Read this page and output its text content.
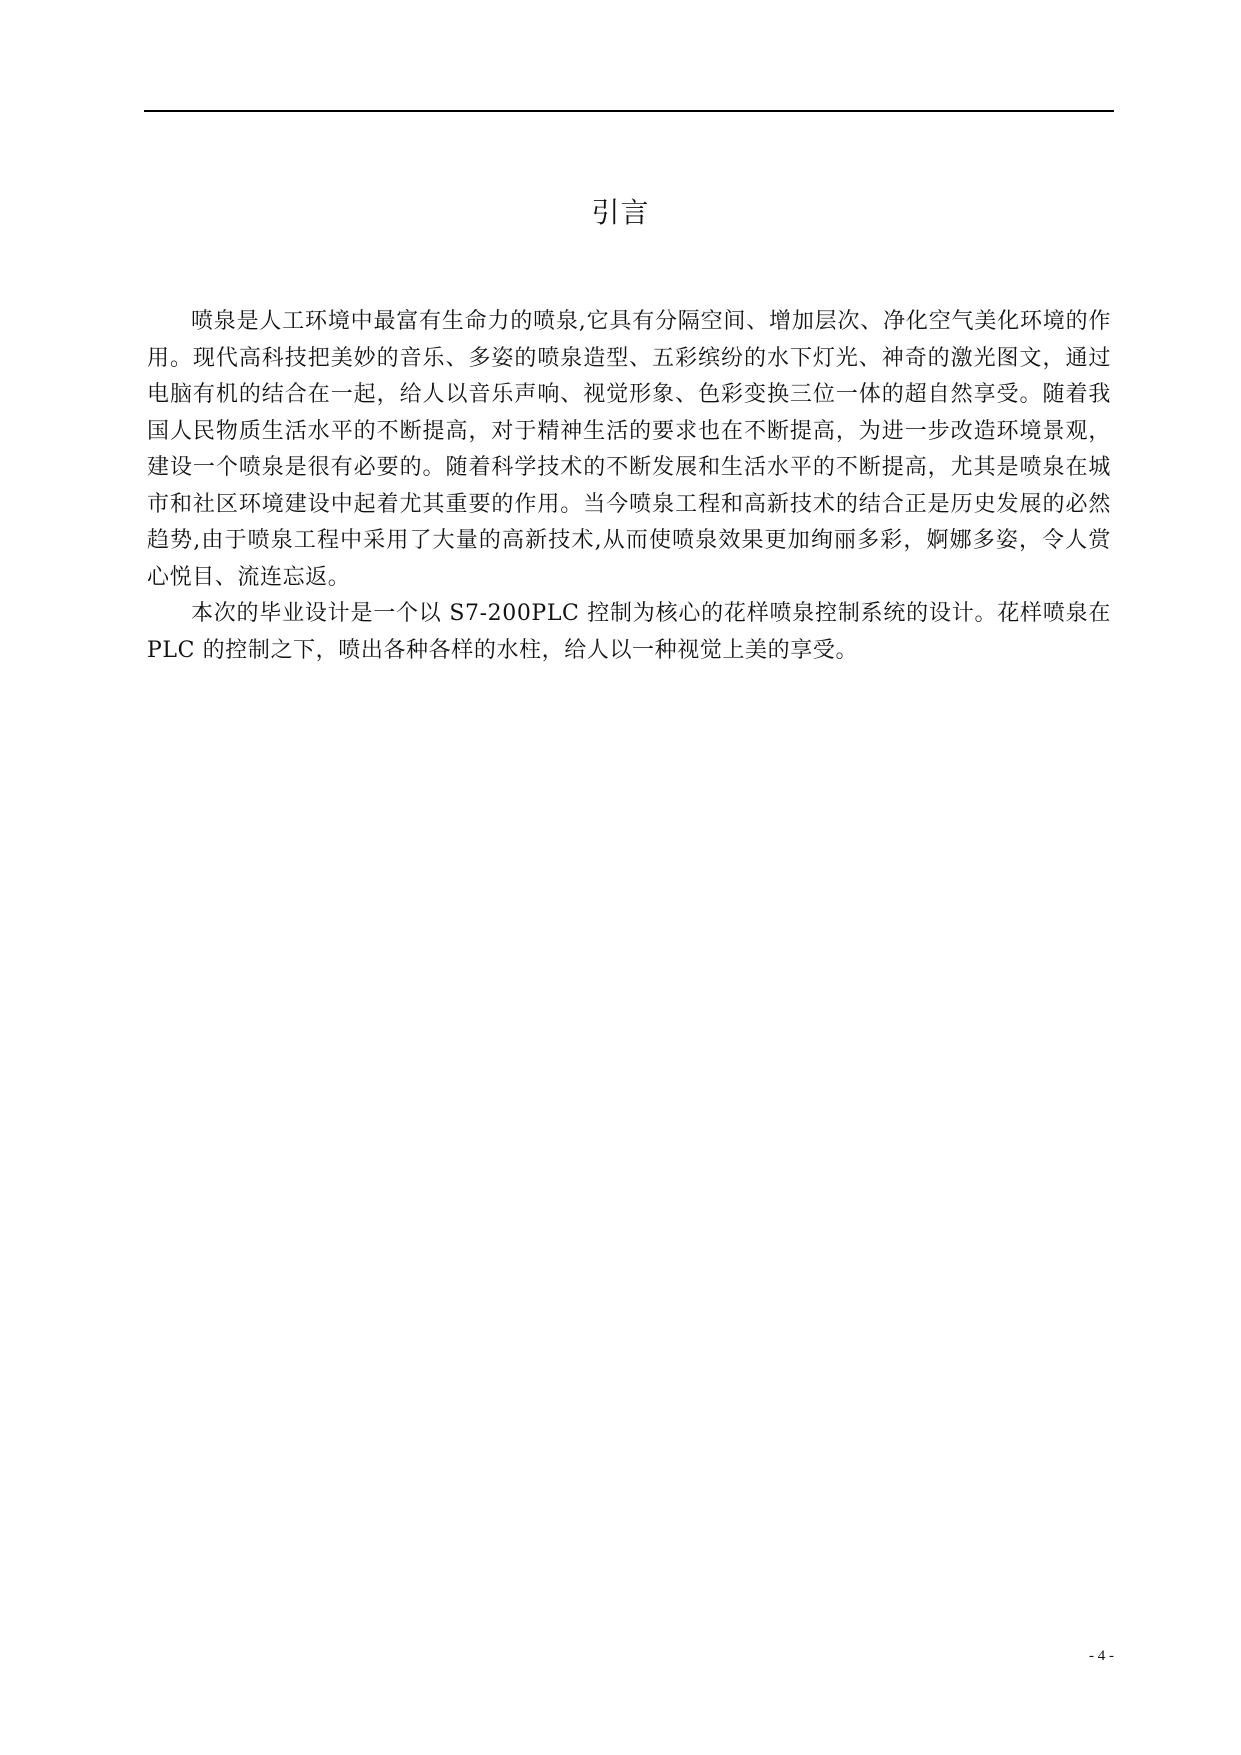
引言

喷泉是人工环境中最富有生命力的喷泉,它具有分隔空间、增加层次、净化空气美化环境的作用。现代高科技把美妙的音乐、多姿的喷泉造型、五彩缤纷的水下灯光、神奇的激光图文，通过电脑有机的结合在一起，给人以音乐声响、视觉形象、色彩变换三位一体的超自然享受。随着我国人民物质生活水平的不断提高，对于精神生活的要求也在不断提高，为进一步改造环境景观，建设一个喷泉是很有必要的。随着科学技术的不断发展和生活水平的不断提高，尤其是喷泉在城市和社区环境建设中起着尤其重要的作用。当今喷泉工程和高新技术的结合正是历史发展的必然趋势,由于喷泉工程中采用了大量的高新技术,从而使喷泉效果更加绚丽多彩，婀娜多姿，令人赏心悦目、流连忘返。

本次的毕业设计是一个以 S7-200PLC 控制为核心的花样喷泉控制系统的设计。花样喷泉在 PLC 的控制之下，喷出各种各样的水柱，给人以一种视觉上美的享受。

- 4 -
